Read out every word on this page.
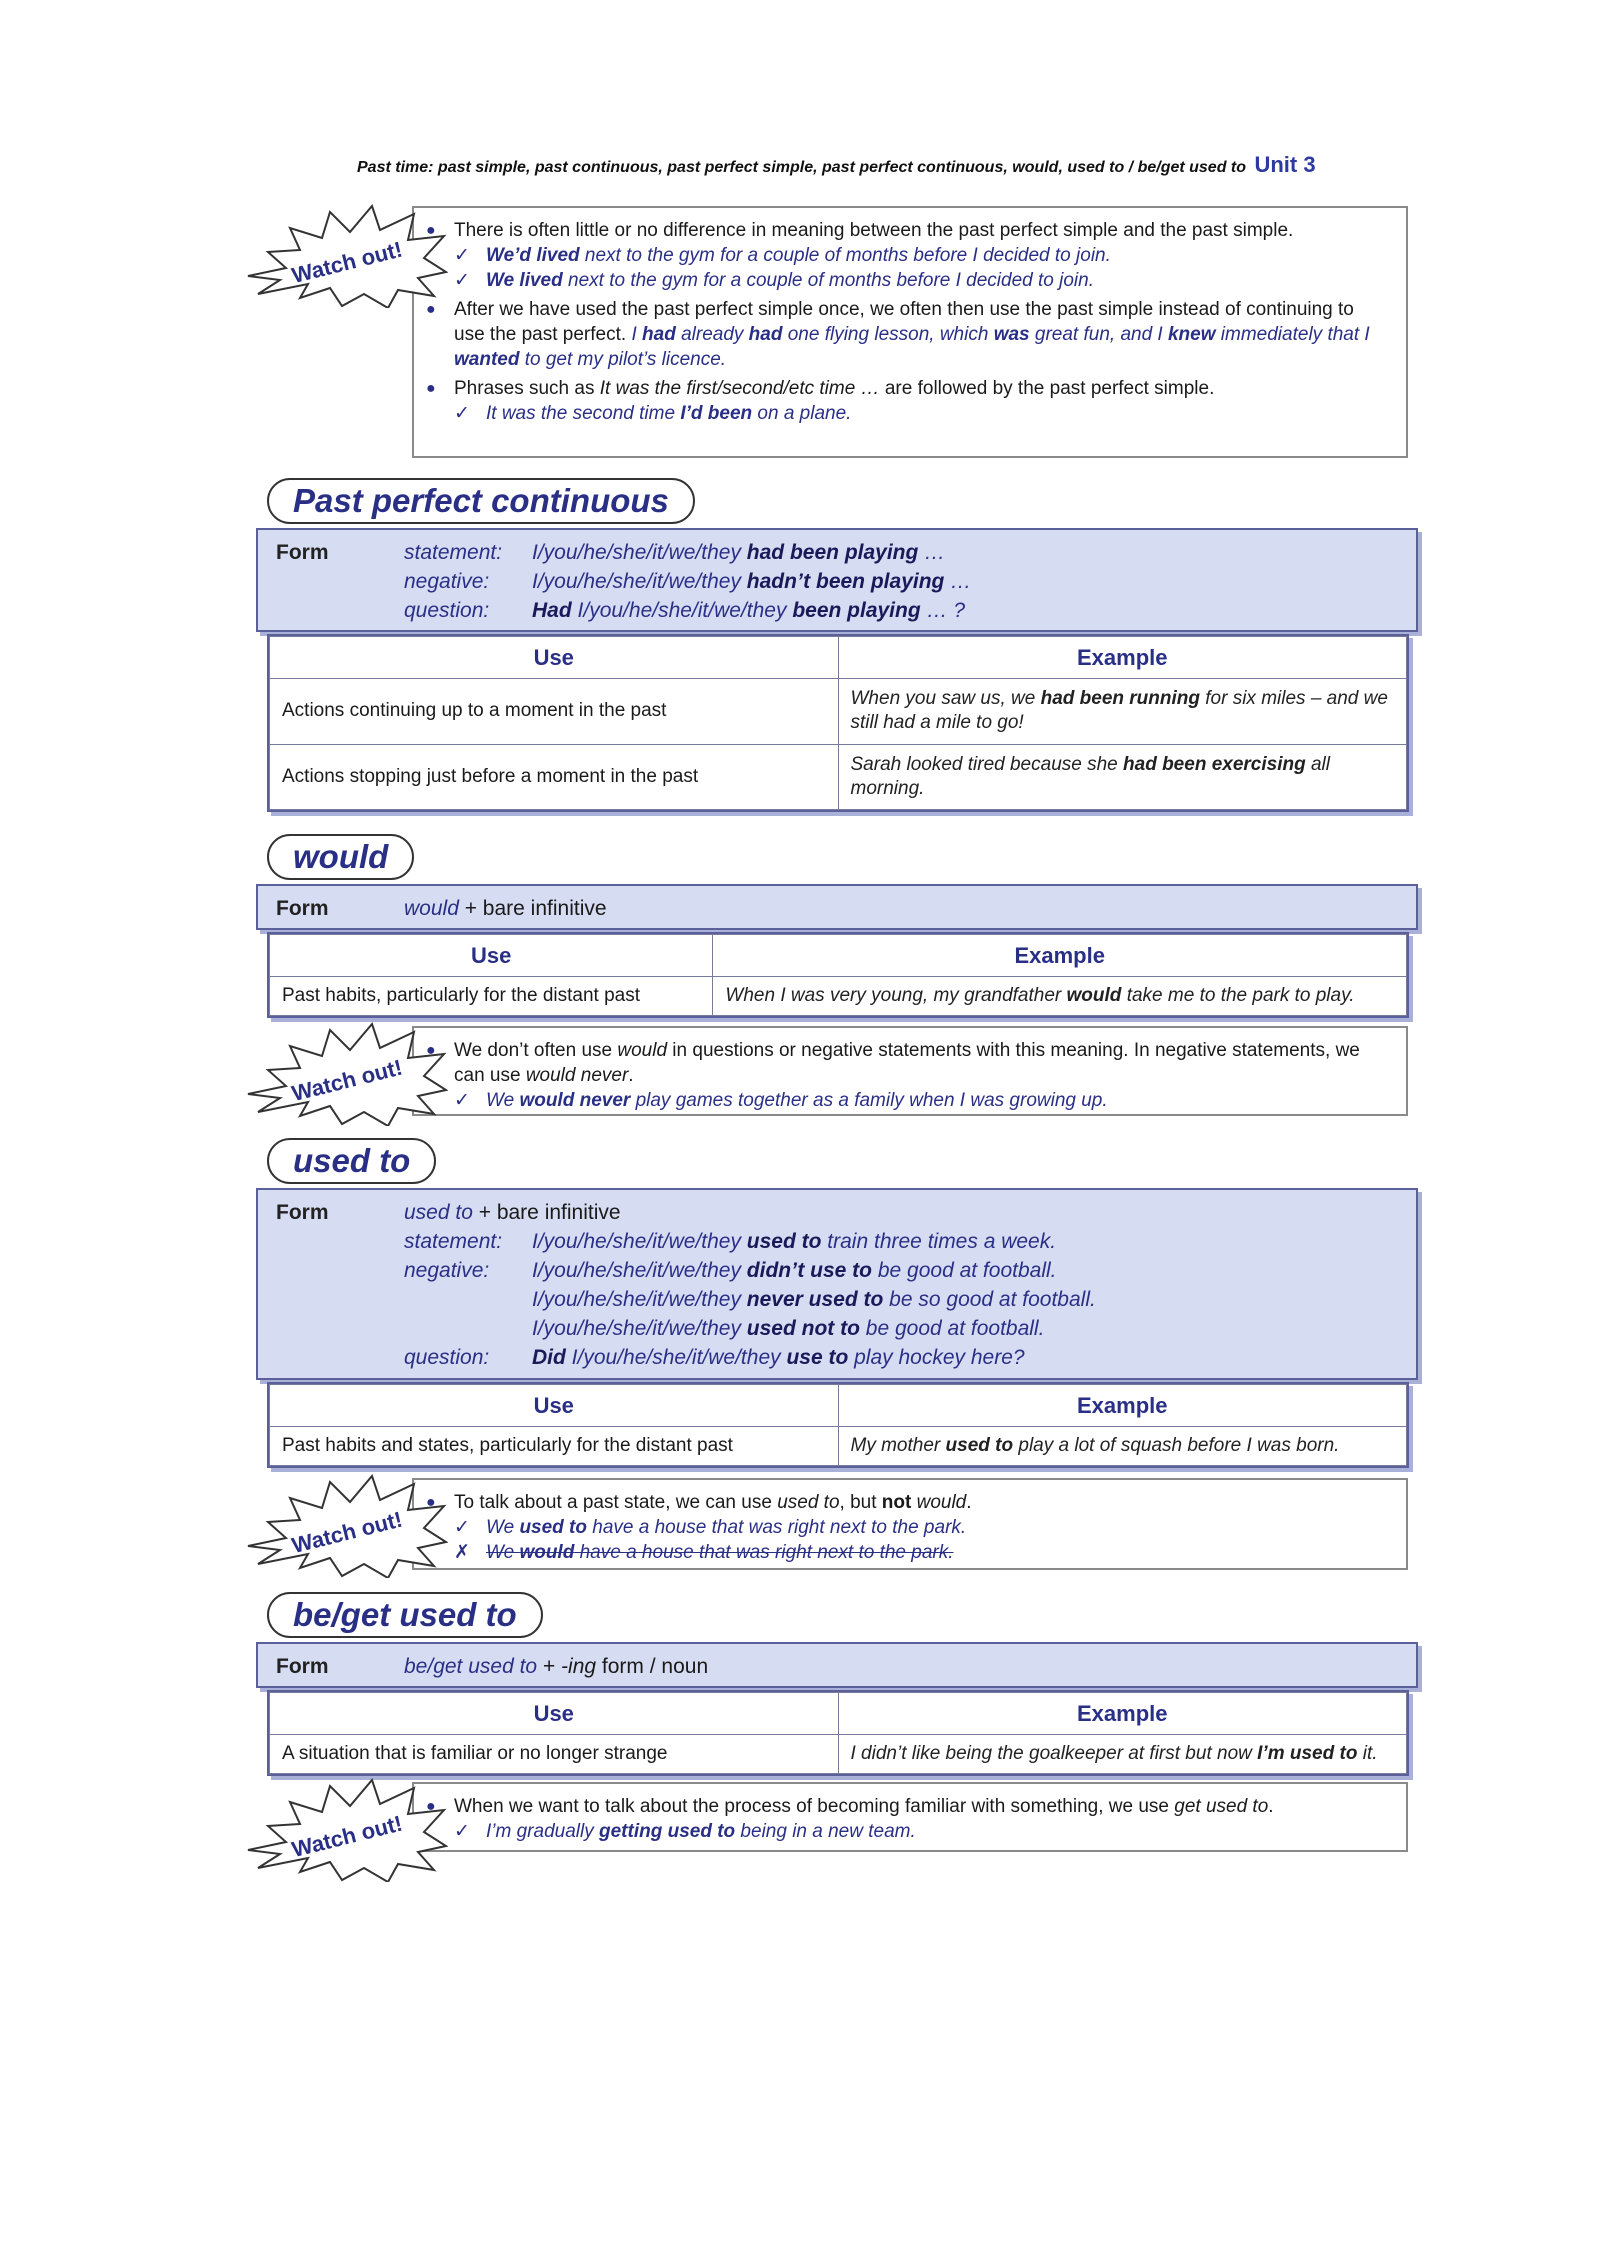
Past time: past simple, past continuous, past perfect simple, past perfect continuous, would, used to / be/get used to Unit 3

● There is often little or no difference in meaning between the past perfect simple and the past simple.

✓ We’d lived next to the gym for a couple of months before I decided to join.
✓ We lived next to the gym for a couple of months before I decided to join.

● After we have used the past perfect simple once, we often then use the past simple instead of continuing to use the past perfect. I had already had one flying lesson, which was great fun, and I knew immediately that I wanted to get my pilot’s licence.

● Phrases such as It was the first/second/etc time … are followed by the past perfect simple.

✓ It was the second time I’d been on a plane.
Watch out!
Past perfect continuous
Form	statement: I/you/he/she/it/we/they had been playing …
negative: I/you/he/she/it/we/they hadn’t been playing …
question: Had I/you/he/she/it/we/they been playing … ?
Use	Example
Actions continuing up to a moment in the past	When you saw us, we had been running for six miles – and we still had a mile to go!
Actions stopping just before a moment in the past	Sarah looked tired because she had been exercising all morning.
would
Form	would + bare infinitive
Use	Example
Past habits, particularly for the distant past	When I was very young, my grandfather would take me to the park to play.

● We don’t often use would in questions or negative statements with this meaning. In negative statements, we can use would never.

✓ We would never play games together as a family when I was growing up.
Watch out!
used to
Form	used to + bare infinitive
statement: I/you/he/she/it/we/they used to train three times a week.
negative: I/you/he/she/it/we/they didn’t use to be good at football.
I/you/he/she/it/we/they never used to be so good at football.
I/you/he/she/it/we/they used not to be good at football.
question: Did I/you/he/she/it/we/they use to play hockey here?
Use	Example
Past habits and states, particularly for the distant past	My mother used to play a lot of squash before I was born.

● To talk about a past state, we can use used to, but not would.

✓ We used to have a house that was right next to the park.
✗ We would have a house that was right next to the park.
Watch out!
be/get used to
Form	be/get used to + -ing form / noun
Use	Example
A situation that is familiar or no longer strange	I didn’t like being the goalkeeper at first but now I’m used to it.

● When we want to talk about the process of becoming familiar with something, we use get used to.

✓ I’m gradually getting used to being in a new team.
Watch out!
